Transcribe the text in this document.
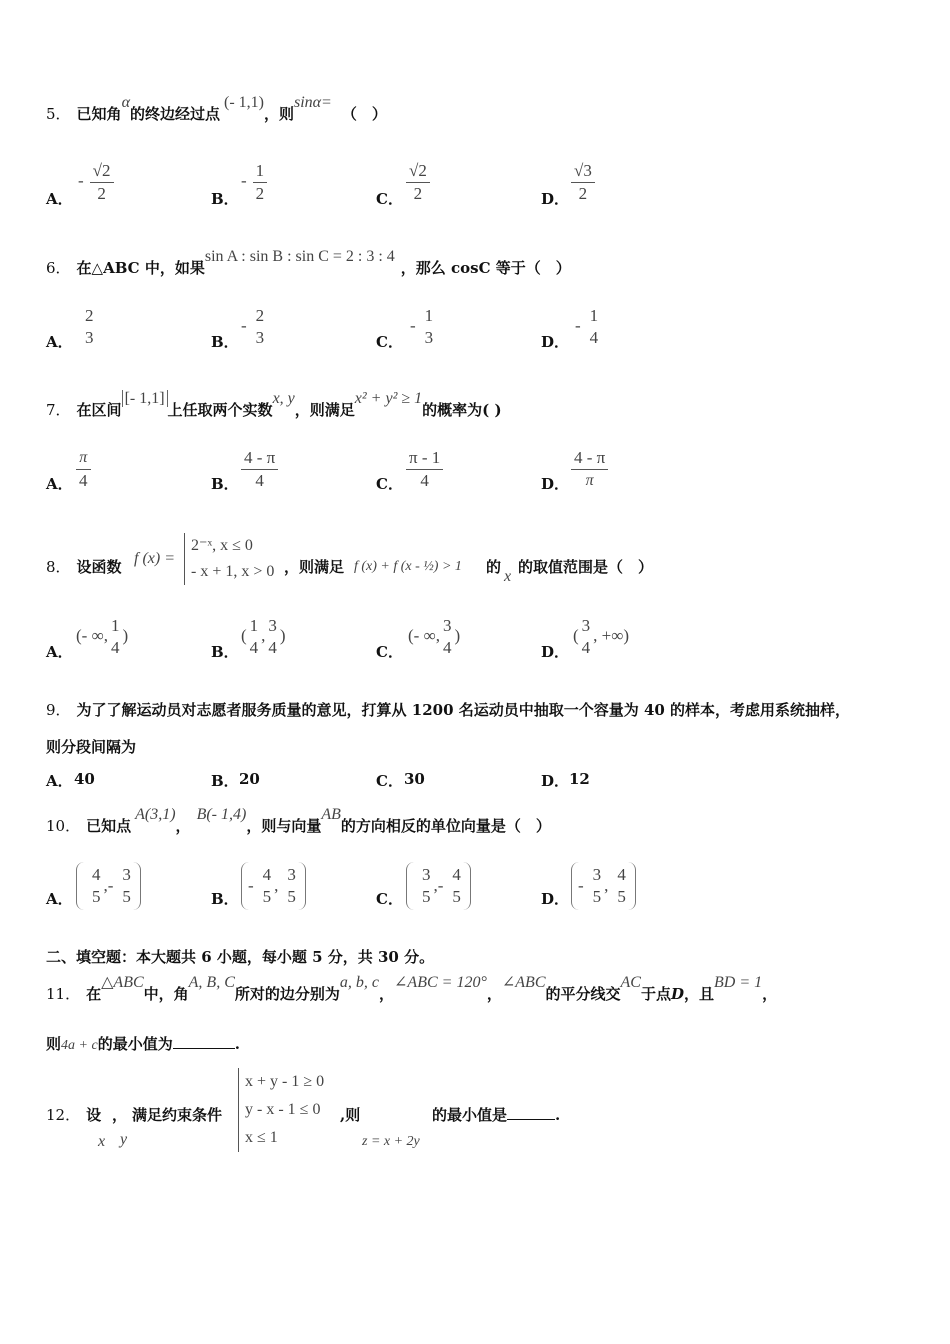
5． 已知角α的终边经过点(- 1,1)，则sinα=（　）
A．
- $\frac{√2}{2}$	B．
- $\frac{1}{2}$	C． $\frac{√2}{2}$	D． $\frac{√3}{2}$
6． 在△ABC 中，如果sin A : sin B : sin C = 2 : 3 : 4，那么 cosC 等于（　）
A．
2
3	B．
-
2
3	C．
-
1
3	D．
-
1
4
7． 在区间[- 1,1]上任取两个实数x, y，则满足x² + y² ≥ 1的概率为( )
A． $\frac{\pi}{4}$	B． $\frac{4 - \pi}{4}$	C． $\frac{\pi - 1}{4}$	D． $\frac{4 - \pi}{\pi}$
8． 设函数 f (x) =
2⁻ˣ, x ≤ 0
- x + 1, x > 0 ，则满足 f (x) + f (x - ½) > 1 的
x
的取值范围是（　）
A．
(- ∞,
1
4
)
B．
(
1
4
,
3
4
)
C．
(- ∞,
3
4
)
D．
(
3
4
, +∞)
9． 为了了解运动员对志愿者服务质量的意见，打算从 1200 名运动员中抽取一个容量为 40 的样本，考虑用系统抽样，
则分段间隔为
A． 40	B． 20	C． 30	D． 12
10． 已知点A(3,1)，B(- 1,4)，则与向量AB的方向相反的单位向量是（　）
A．
4
5
, -
3
5	B．
-
4
5
,
3
5	C．
3
5
, -
4
5	D．
-
3
5
,
4
5
二、填空题：本大题共 6 小题，每小题 5 分，共 30 分。
11． 在△ABC中，角A, B, C所对的边分别为a, b, c，∠ABC = 120°，∠ABC的平分线交AC于点D，且BD = 1，
则4a + c的最小值为	.
12． 设 ， 满足约束条件
x y
x + y - 1 ≥ 0
y - x - 1 ≤ 0
x ≤ 1
,则
z = x + 2y
的最小值是	.
